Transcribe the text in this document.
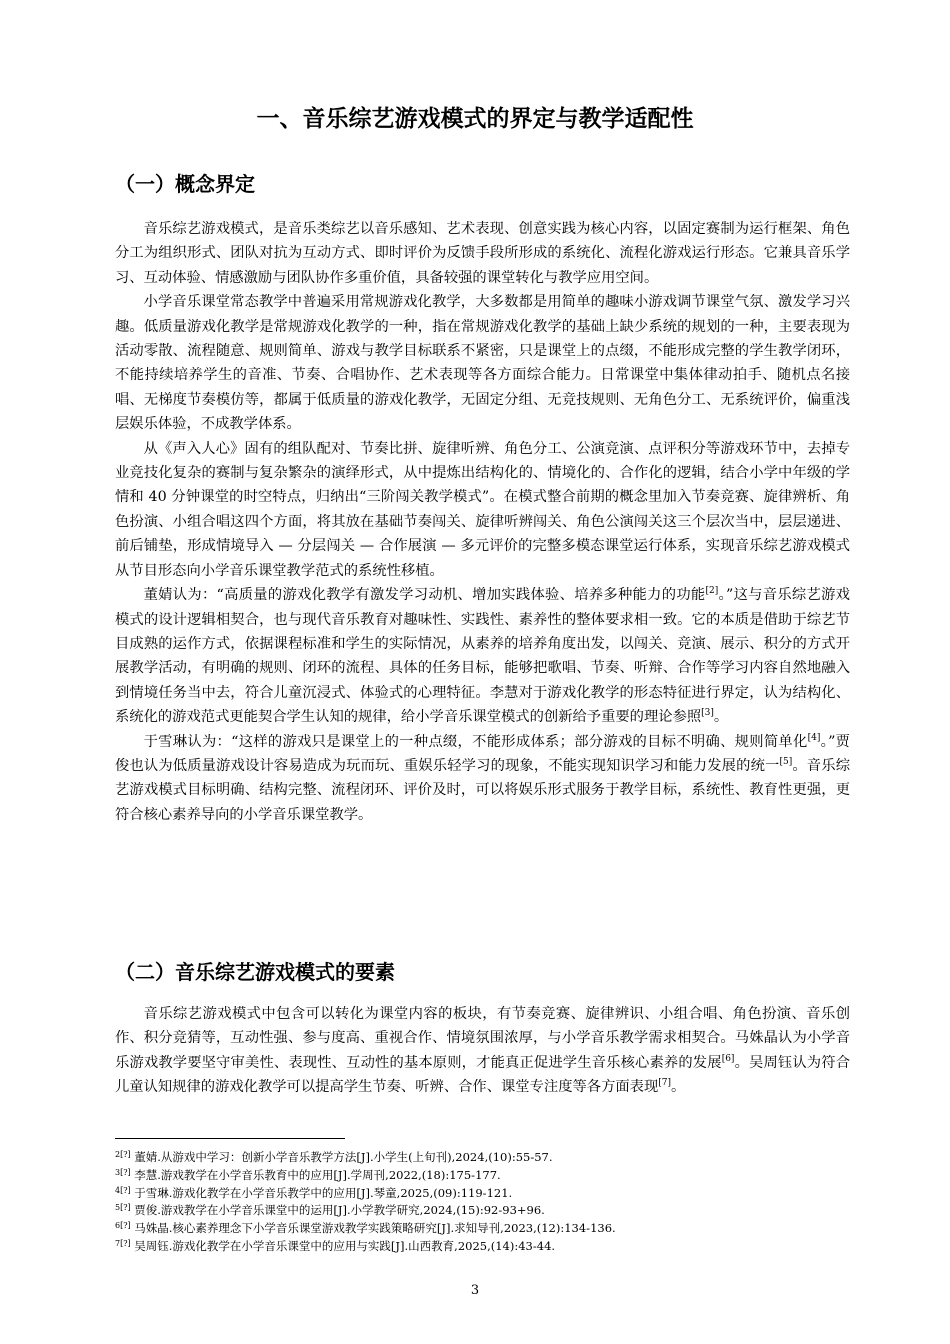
一、音乐综艺游戏模式的界定与教学适配性
（一）概念界定

音乐综艺游戏模式，是音乐类综艺以音乐感知、艺术表现、创意实践为核心内容，以固定赛制为运行框架、角色分工为组织形式、团队对抗为互动方式、即时评价为反馈手段所形成的系统化、流程化游戏运行形态。它兼具音乐学习、互动体验、情感激励与团队协作多重价值，具备较强的课堂转化与教学应用空间。

小学音乐课堂常态教学中普遍采用常规游戏化教学，大多数都是用简单的趣味小游戏调节课堂气氛、激发学习兴趣。低质量游戏化教学是常规游戏化教学的一种，指在常规游戏化教学的基础上缺少系统的规划的一种，主要表现为活动零散、流程随意、规则简单、游戏与教学目标联系不紧密，只是课堂上的点缀，不能形成完整的学生教学闭环，不能持续培养学生的音准、节奏、合唱协作、艺术表现等各方面综合能力。日常课堂中集体律动拍手、随机点名接唱、无梯度节奏模仿等，都属于低质量的游戏化教学，无固定分组、无竞技规则、无角色分工、无系统评价，偏重浅层娱乐体验，不成教学体系。

从《声入人心》固有的组队配对、节奏比拼、旋律听辨、角色分工、公演竞演、点评积分等游戏环节中，去掉专业竞技化复杂的赛制与复杂繁杂的演绎形式，从中提炼出结构化的、情境化的、合作化的逻辑，结合小学中年级的学情和 40 分钟课堂的时空特点，归纳出“三阶闯关教学模式”。在模式整合前期的概念里加入节奏竞赛、旋律辨析、角色扮演、小组合唱这四个方面，将其放在基础节奏闯关、旋律听辨闯关、角色公演闯关这三个层次当中，层层递进、前后铺垫，形成情境导入 — 分层闯关 — 合作展演 — 多元评价的完整多模态课堂运行体系，实现音乐综艺游戏模式从节目形态向小学音乐课堂教学范式的系统性移植。

董婧认为：“高质量的游戏化教学有激发学习动机、增加实践体验、培养多种能力的功能[2]。”这与音乐综艺游戏模式的设计逻辑相契合，也与现代音乐教育对趣味性、实践性、素养性的整体要求相一致。它的本质是借助于综艺节目成熟的运作方式，依据课程标准和学生的实际情况，从素养的培养角度出发，以闯关、竞演、展示、积分的方式开展教学活动，有明确的规则、闭环的流程、具体的任务目标，能够把歌唱、节奏、听辩、合作等学习内容自然地融入到情境任务当中去，符合儿童沉浸式、体验式的心理特征。李慧对于游戏化教学的形态特征进行界定，认为结构化、系统化的游戏范式更能契合学生认知的规律，给小学音乐课堂模式的创新给予重要的理论参照[3]。

于雪琳认为：“这样的游戏只是课堂上的一种点缀，不能形成体系；部分游戏的目标不明确、规则简单化[4]。”贾俊也认为低质量游戏设计容易造成为玩而玩、重娱乐轻学习的现象，不能实现知识学习和能力发展的统一[5]。音乐综艺游戏模式目标明确、结构完整、流程闭环、评价及时，可以将娱乐形式服务于教学目标，系统性、教育性更强，更符合核心素养导向的小学音乐课堂教学。

（二）音乐综艺游戏模式的要素

音乐综艺游戏模式中包含可以转化为课堂内容的板块，有节奏竞赛、旋律辨识、小组合唱、角色扮演、音乐创作、积分竞猜等，互动性强、参与度高、重视合作、情境氛围浓厚，与小学音乐教学需求相契合。马姝晶认为小学音乐游戏教学要坚守审美性、表现性、互动性的基本原则，才能真正促进学生音乐核心素养的发展[6]。吴周钰认为符合儿童认知规律的游戏化教学可以提高学生节奏、听辨、合作、课堂专注度等各方面表现[7]。

$^{2[?]}$ 董婧.从游戏中学习：创新小学音乐教学方法[J].小学生(上旬刊),2024,(10):55-57.
$^{3[?]}$ 李慧.游戏教学在小学音乐教育中的应用[J].学周刊,2022,(18):175-177.
$^{4[?]}$ 于雪琳.游戏化教学在小学音乐教学中的应用[J].琴童,2025,(09):119-121.
$^{5[?]}$ 贾俊.游戏教学在小学音乐课堂中的运用[J].小学教学研究,2024,(15):92-93+96.
$^{6[?]}$ 马姝晶.核心素养理念下小学音乐课堂游戏教学实践策略研究[J].求知导刊,2023,(12):134-136.
$^{7[?]}$ 吴周钰.游戏化教学在小学音乐课堂中的应用与实践[J].山西教育,2025,(14):43-44.
3
